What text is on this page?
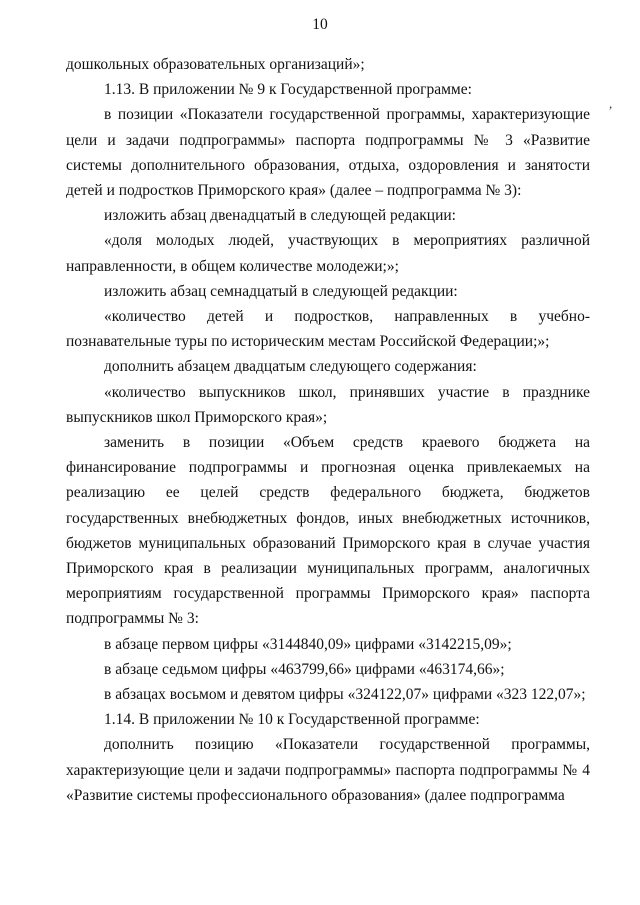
10
,

дошкольных образовательных организаций»;

1.13. В приложении № 9 к Государственной программе:

в позиции «Показатели государственной программы, характеризующие цели и задачи подпрограммы» паспорта подпрограммы № 3 «Развитие системы дополнительного образования, отдыха, оздоровления и занятости детей и подростков Приморского края» (далее – подпрограмма № 3):

изложить абзац двенадцатый в следующей редакции:

«доля молодых людей, участвующих в мероприятиях различной направленности, в общем количестве молодежи;»;

изложить абзац семнадцатый в следующей редакции:

«количество детей и подростков, направленных в учебно-познавательные туры по историческим местам Российской Федерации;»;

дополнить абзацем двадцатым следующего содержания:

«количество выпускников школ, принявших участие в празднике выпускников школ Приморского края»;

заменить в позиции «Объем средств краевого бюджета на финансирование подпрограммы и прогнозная оценка привлекаемых на реализацию ее целей средств федерального бюджета, бюджетов государственных внебюджетных фондов, иных внебюджетных источников, бюджетов муниципальных образований Приморского края в случае участия Приморского края в реализации муниципальных программ, аналогичных мероприятиям государственной программы Приморского края» паспорта подпрограммы № 3:

в абзаце первом цифры «3144840,09» цифрами «3142215,09»;

в абзаце седьмом цифры «463799,66» цифрами «463174,66»;

в абзацах восьмом и девятом цифры «324122,07» цифрами «323 122,07»;

1.14. В приложении № 10 к Государственной программе:

дополнить позицию «Показатели государственной программы, характеризующие цели и задачи подпрограммы» паспорта подпрограммы № 4 «Развитие системы профессионального образования» (далее подпрограмма
